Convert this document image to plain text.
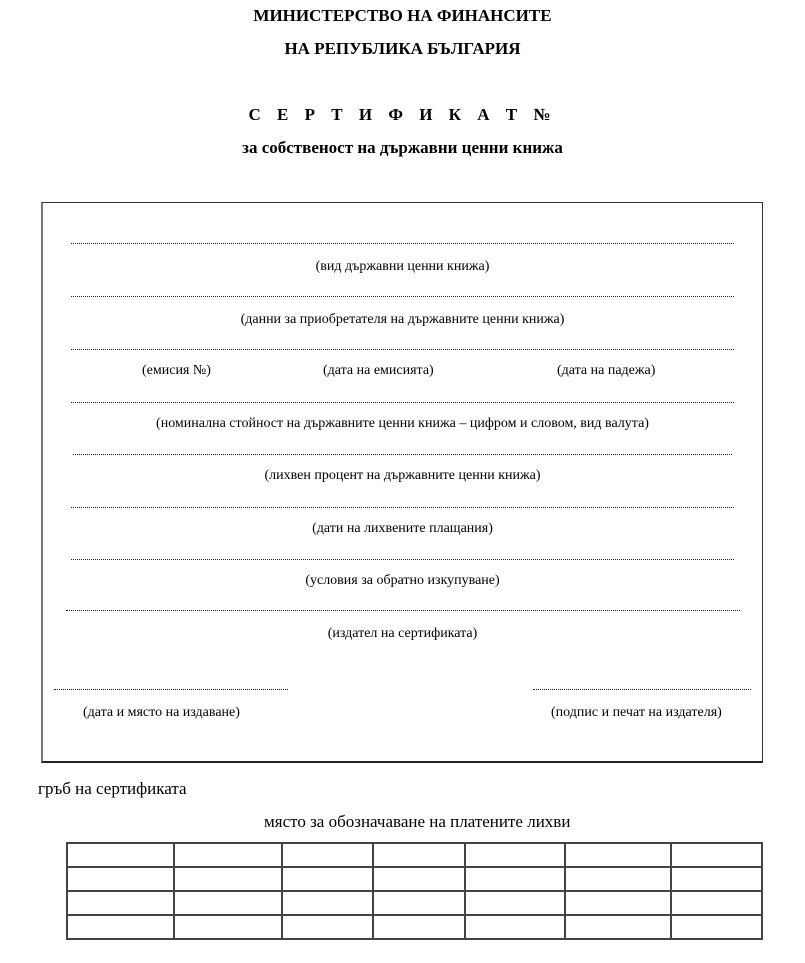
МИНИСТЕРСТВО НА ФИНАНСИТЕ
НА РЕПУБЛИКА БЪЛГАРИЯ
С Е Р Т И Ф И К А Т №
за собственост на държавни ценни книжа
(вид държавни ценни книжа)
(данни за приобретателя на държавните ценни книжа)
(емисия №)	(дата на емисията)	(дата на падежа)
(номинална стойност на държавните ценни книжа – цифром и словом, вид валута)
(лихвен процент на държавните ценни книжа)
(дати на лихвените плащания)
(условия за обратно изкупуване)
(издател на сертификата)
(дата и място на издаване)	(подпис и печат на издателя)
гръб на сертификата
място за обозначаване на платените лихви
